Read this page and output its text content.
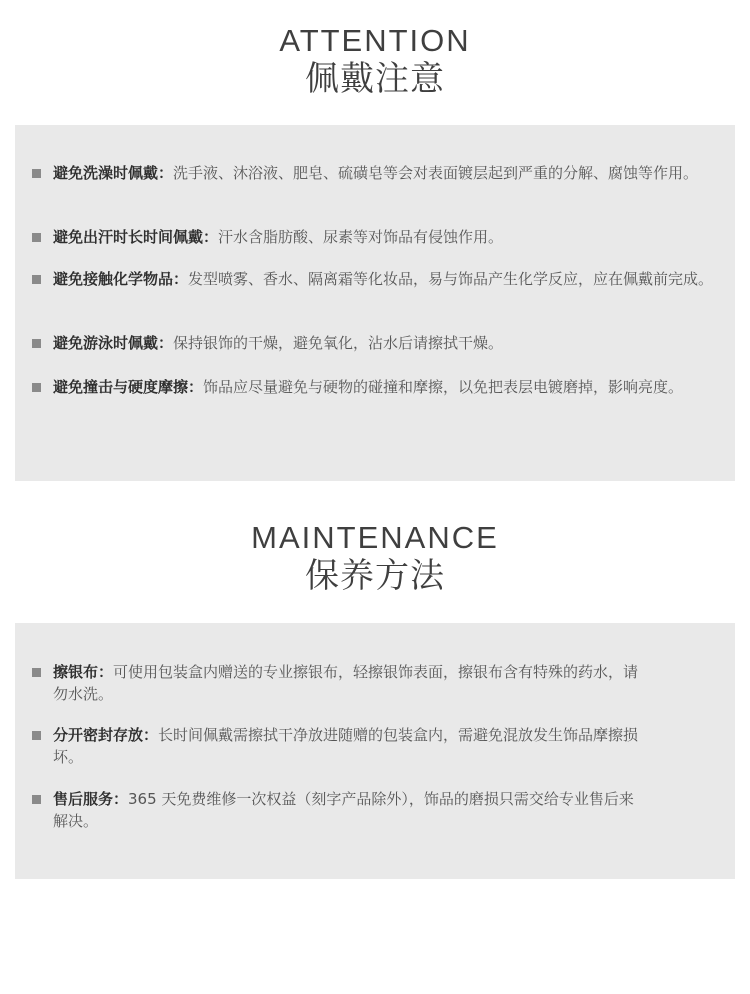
ATTENTION
佩戴注意
避免洗澡时佩戴：洗手液、沐浴液、肥皂、硫磺皂等会对表面镀层起到严重的分解、腐蚀等作用。
避免出汗时长时间佩戴：汗水含脂肪酸、尿素等对饰品有侵蚀作用。
避免接触化学物品：发型喷雾、香水、隔离霜等化妆品，易与饰品产生化学反应，应在佩戴前完成。
避免游泳时佩戴：保持银饰的干燥，避免氧化，沾水后请擦拭干燥。
避免撞击与硬度摩擦：饰品应尽量避免与硬物的碰撞和摩擦，以免把表层电镀磨掉，影响亮度。
MAINTENANCE
保养方法
擦银布：可使用包装盒内赠送的专业擦银布，轻擦银饰表面，擦银布含有特殊的药水，请勿水洗。
分开密封存放：长时间佩戴需擦拭干净放进随赠的包装盒内，需避免混放发生饰品摩擦损坏。
售后服务：365 天免费维修一次权益（刻字产品除外），饰品的磨损只需交给专业售后来解决。
